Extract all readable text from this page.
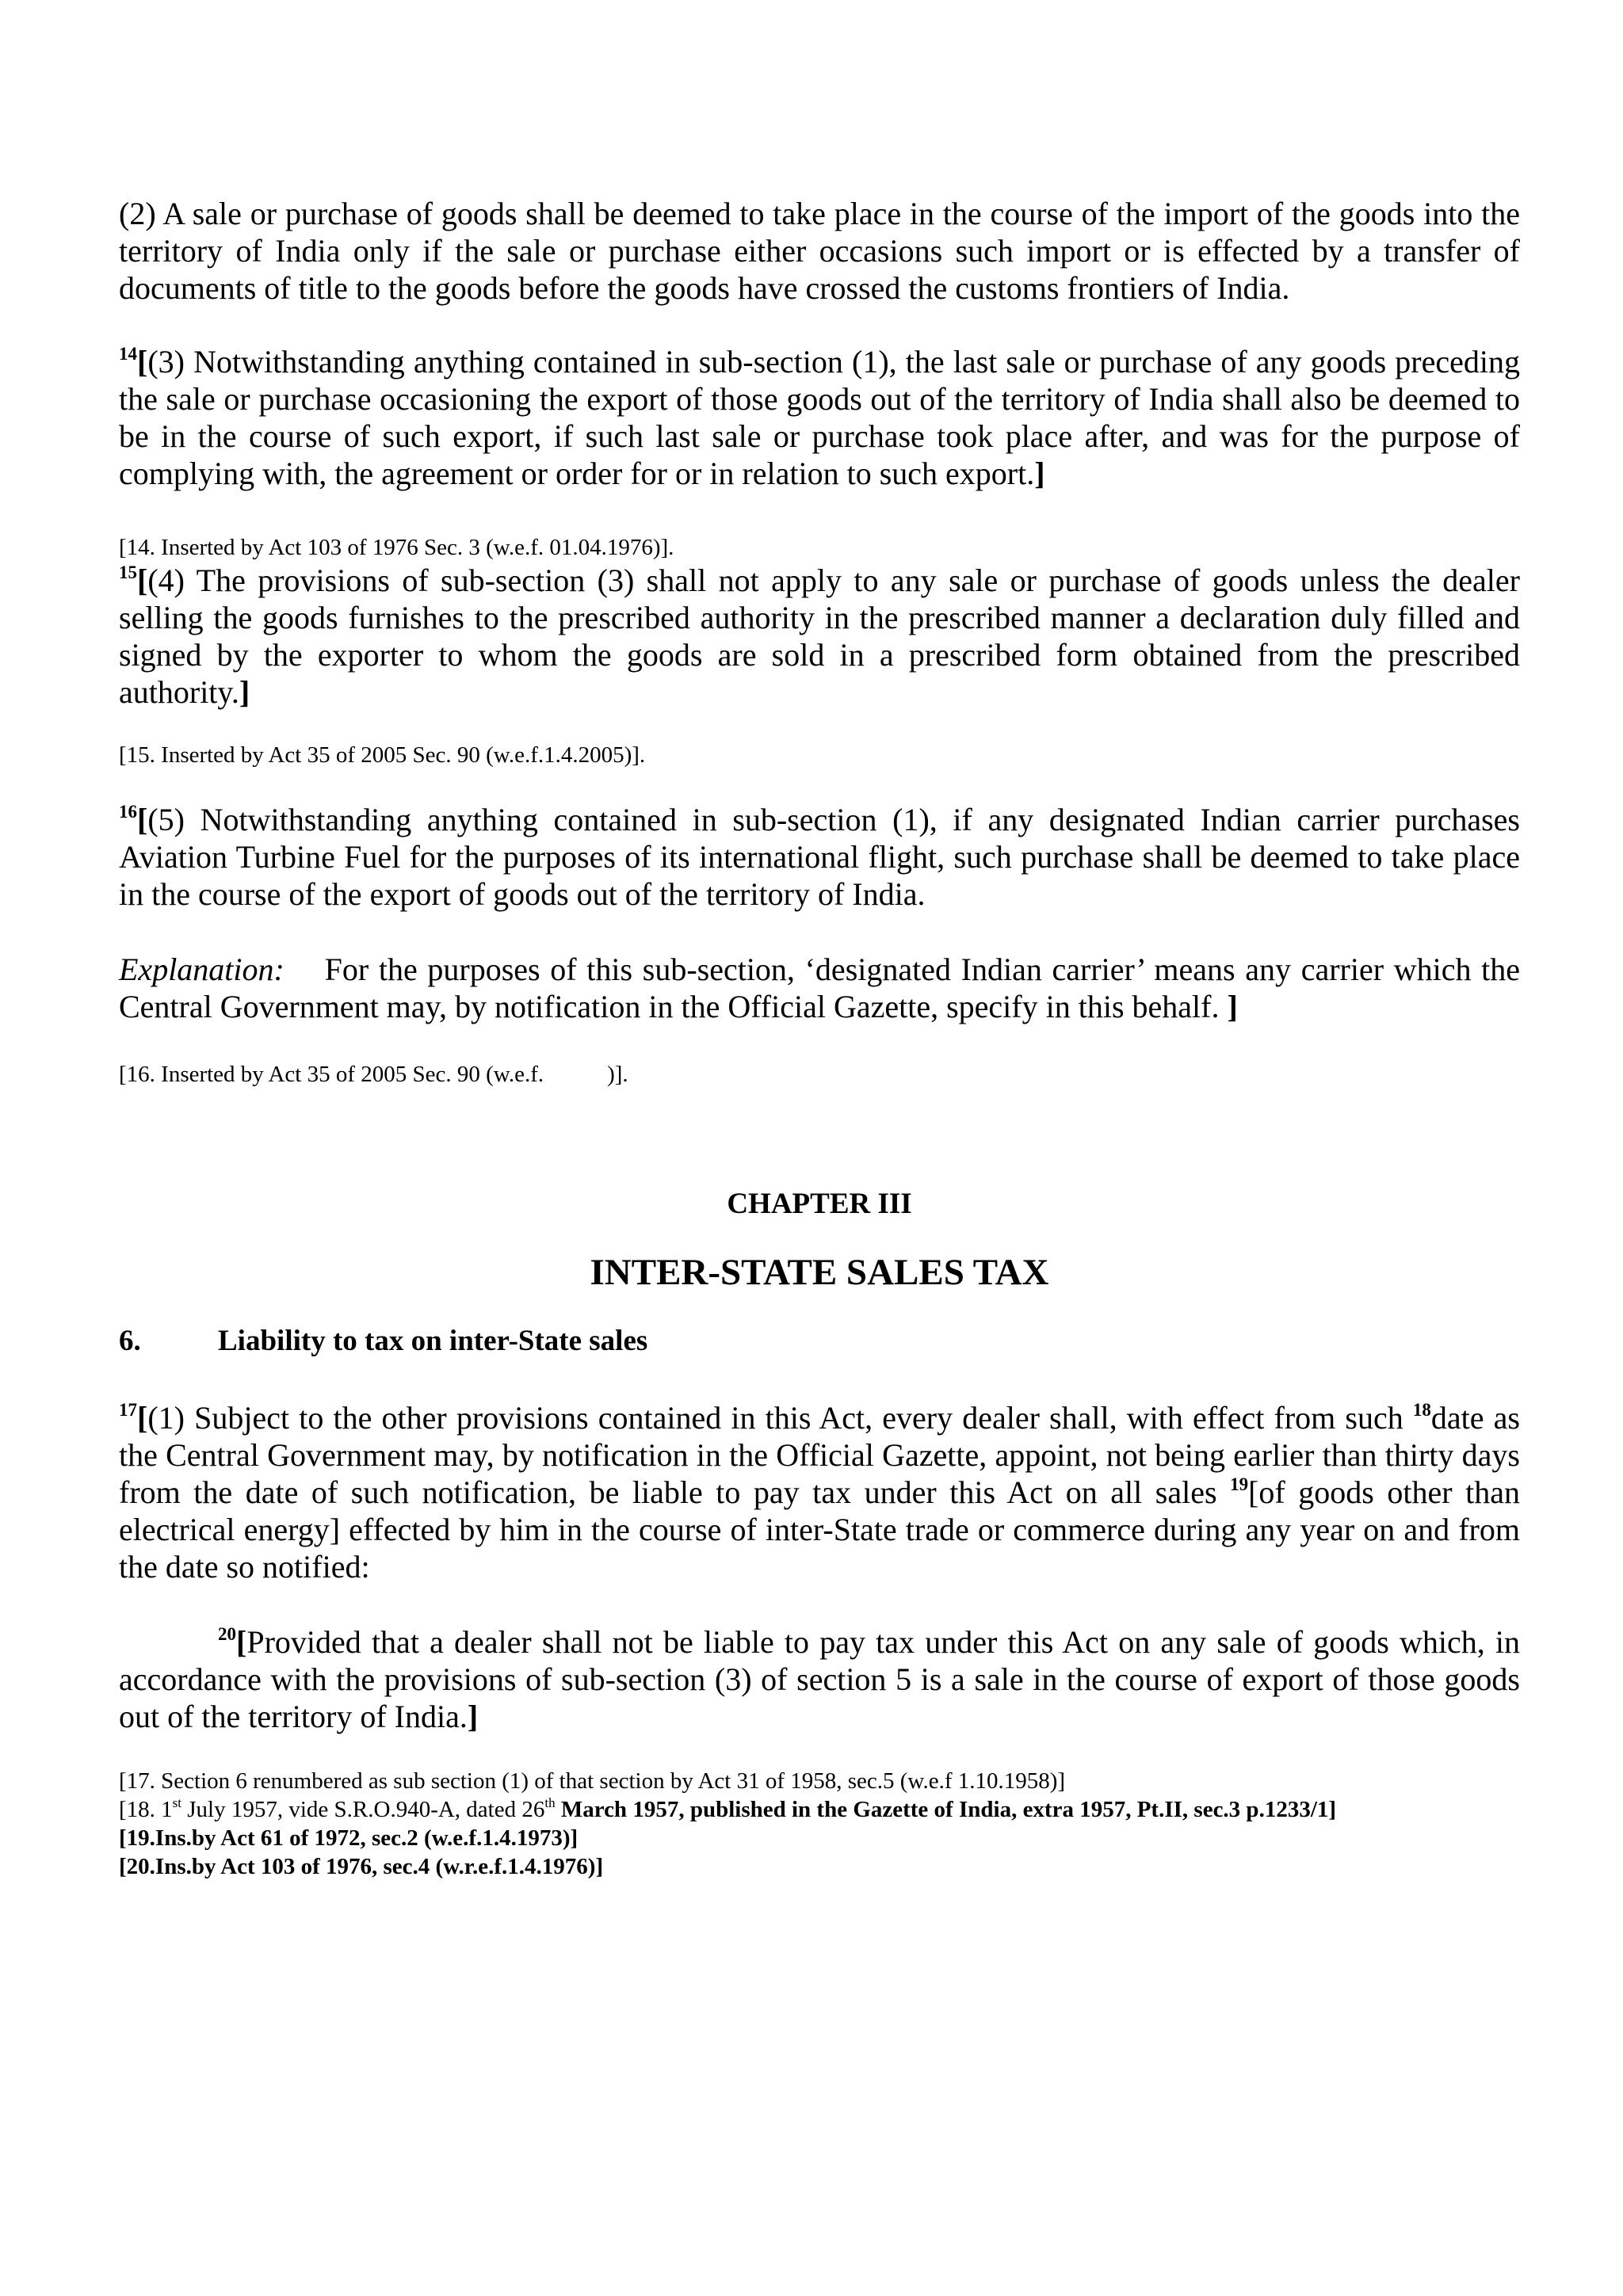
(2) A sale or purchase of goods shall be deemed to take place in the course of the import of the goods into the territory of India only if the sale or purchase either occasions such import or is effected by a transfer of documents of title to the goods before the goods have crossed the customs frontiers of India.

$^{14}$[(3) Notwithstanding anything contained in sub-section (1), the last sale or purchase of any goods preceding the sale or purchase occasioning the export of those goods out of the territory of India shall also be deemed to be in the course of such export, if such last sale or purchase took place after, and was for the purpose of complying with, the agreement or order for or in relation to such export.]

[14. Inserted by Act 103 of 1976 Sec. 3 (w.e.f. 01.04.1976)].

$^{15}$[(4) The provisions of sub-section (3) shall not apply to any sale or purchase of goods unless the dealer selling the goods furnishes to the prescribed authority in the prescribed manner a declaration duly filled and signed by the exporter to whom the goods are sold in a prescribed form obtained from the prescribed authority.]

[15. Inserted by Act 35 of 2005 Sec. 90 (w.e.f.1.4.2005)].

$^{16}$[(5) Notwithstanding anything contained in sub-section (1), if any designated Indian carrier purchases Aviation Turbine Fuel for the purposes of its international flight, such purchase shall be deemed to take place in the course of the export of goods out of the territory of India.

Explanation: For the purposes of this sub-section, ‘designated Indian carrier’ means any carrier which the Central Government may, by notification in the Official Gazette, specify in this behalf. ]

[16. Inserted by Act 35 of 2005 Sec. 90 (w.e.f.	)].

CHAPTER III

INTER-STATE SALES TAX

6.	Liability to tax on inter-State sales

$^{17}$[(1) Subject to the other provisions contained in this Act, every dealer shall, with effect from such $^{18}$date as the Central Government may, by notification in the Official Gazette, appoint, not being earlier than thirty days from the date of such notification, be liable to pay tax under this Act on all sales $^{19}$[of goods other than electrical energy] effected by him in the course of inter-State trade or commerce during any year on and from the date so notified:

$^{20}$[Provided that a dealer shall not be liable to pay tax under this Act on any sale of goods which, in accordance with the provisions of sub-section (3) of section 5 is a sale in the course of export of those goods out of the territory of India.]

[17. Section 6 renumbered as sub section (1) of that section by Act 31 of 1958, sec.5 (w.e.f 1.10.1958)]

[18. 1st July 1957, vide S.R.O.940-A, dated 26th March 1957, published in the Gazette of India, extra 1957, Pt.II, sec.3 p.1233/1]

[19.Ins.by Act 61 of 1972, sec.2 (w.e.f.1.4.1973)]

[20.Ins.by Act 103 of 1976, sec.4 (w.r.e.f.1.4.1976)]
